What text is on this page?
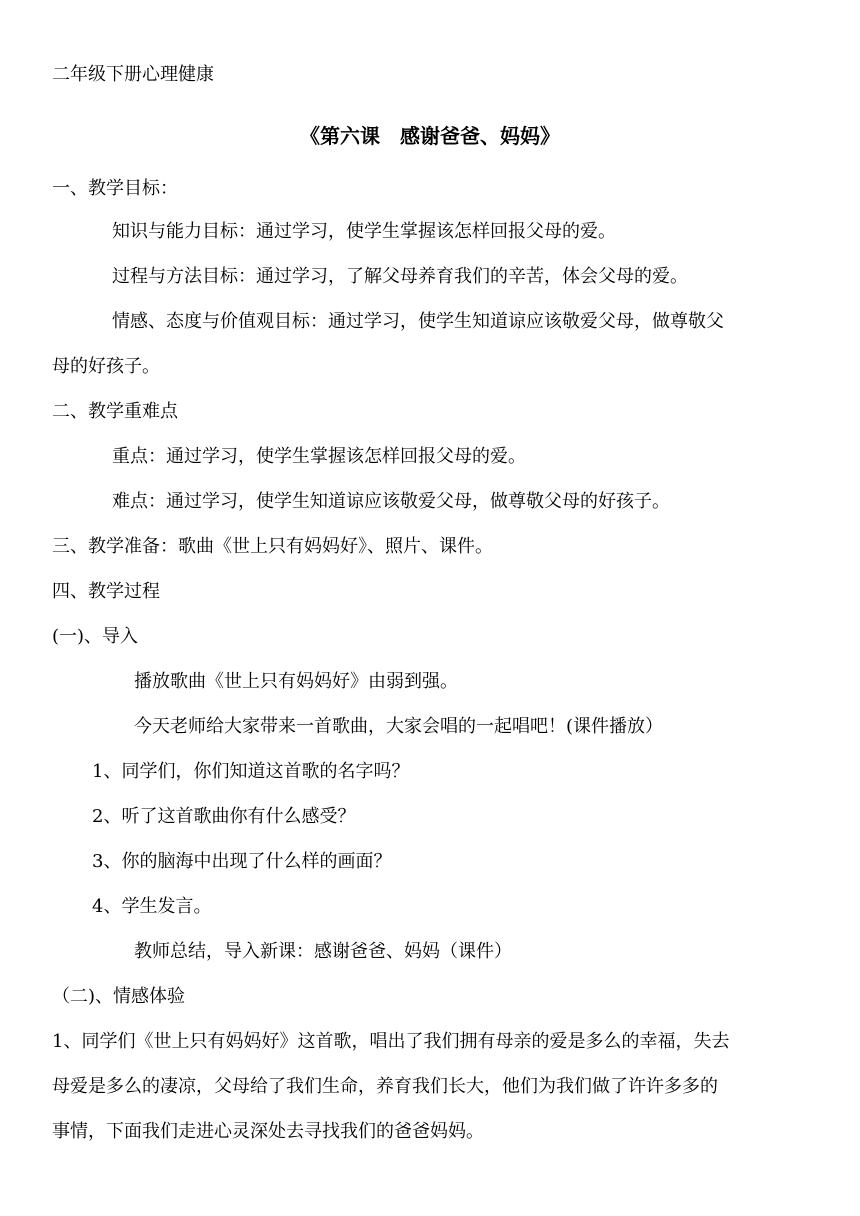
二年级下册心理健康
《第六课　感谢爸爸、妈妈》
一、教学目标：
知识与能力目标：通过学习，使学生掌握该怎样回报父母的爱。
过程与方法目标：通过学习，了解父母养育我们的辛苦，体会父母的爱。
情感、态度与价值观目标：通过学习，使学生知道谅应该敬爱父母，做尊敬父
母的好孩子。
二、教学重难点
重点：通过学习，使学生掌握该怎样回报父母的爱。
难点：通过学习，使学生知道谅应该敬爱父母，做尊敬父母的好孩子。
三、教学准备：歌曲《世上只有妈妈好》、照片、课件。
四、教学过程
(一)、导入
播放歌曲《世上只有妈妈好》由弱到强。
今天老师给大家带来一首歌曲，大家会唱的一起唱吧！(课件播放）
1、同学们，你们知道这首歌的名字吗？
2、听了这首歌曲你有什么感受？
3、你的脑海中出现了什么样的画面？
4、学生发言。
教师总结，导入新课：感谢爸爸、妈妈（课件）
（二)、情感体验
1、同学们《世上只有妈妈好》这首歌，唱出了我们拥有母亲的爱是多么的幸福，失去
母爱是多么的凄凉，父母给了我们生命，养育我们长大，他们为我们做了许许多多的
事情，下面我们走进心灵深处去寻找我们的爸爸妈妈。
